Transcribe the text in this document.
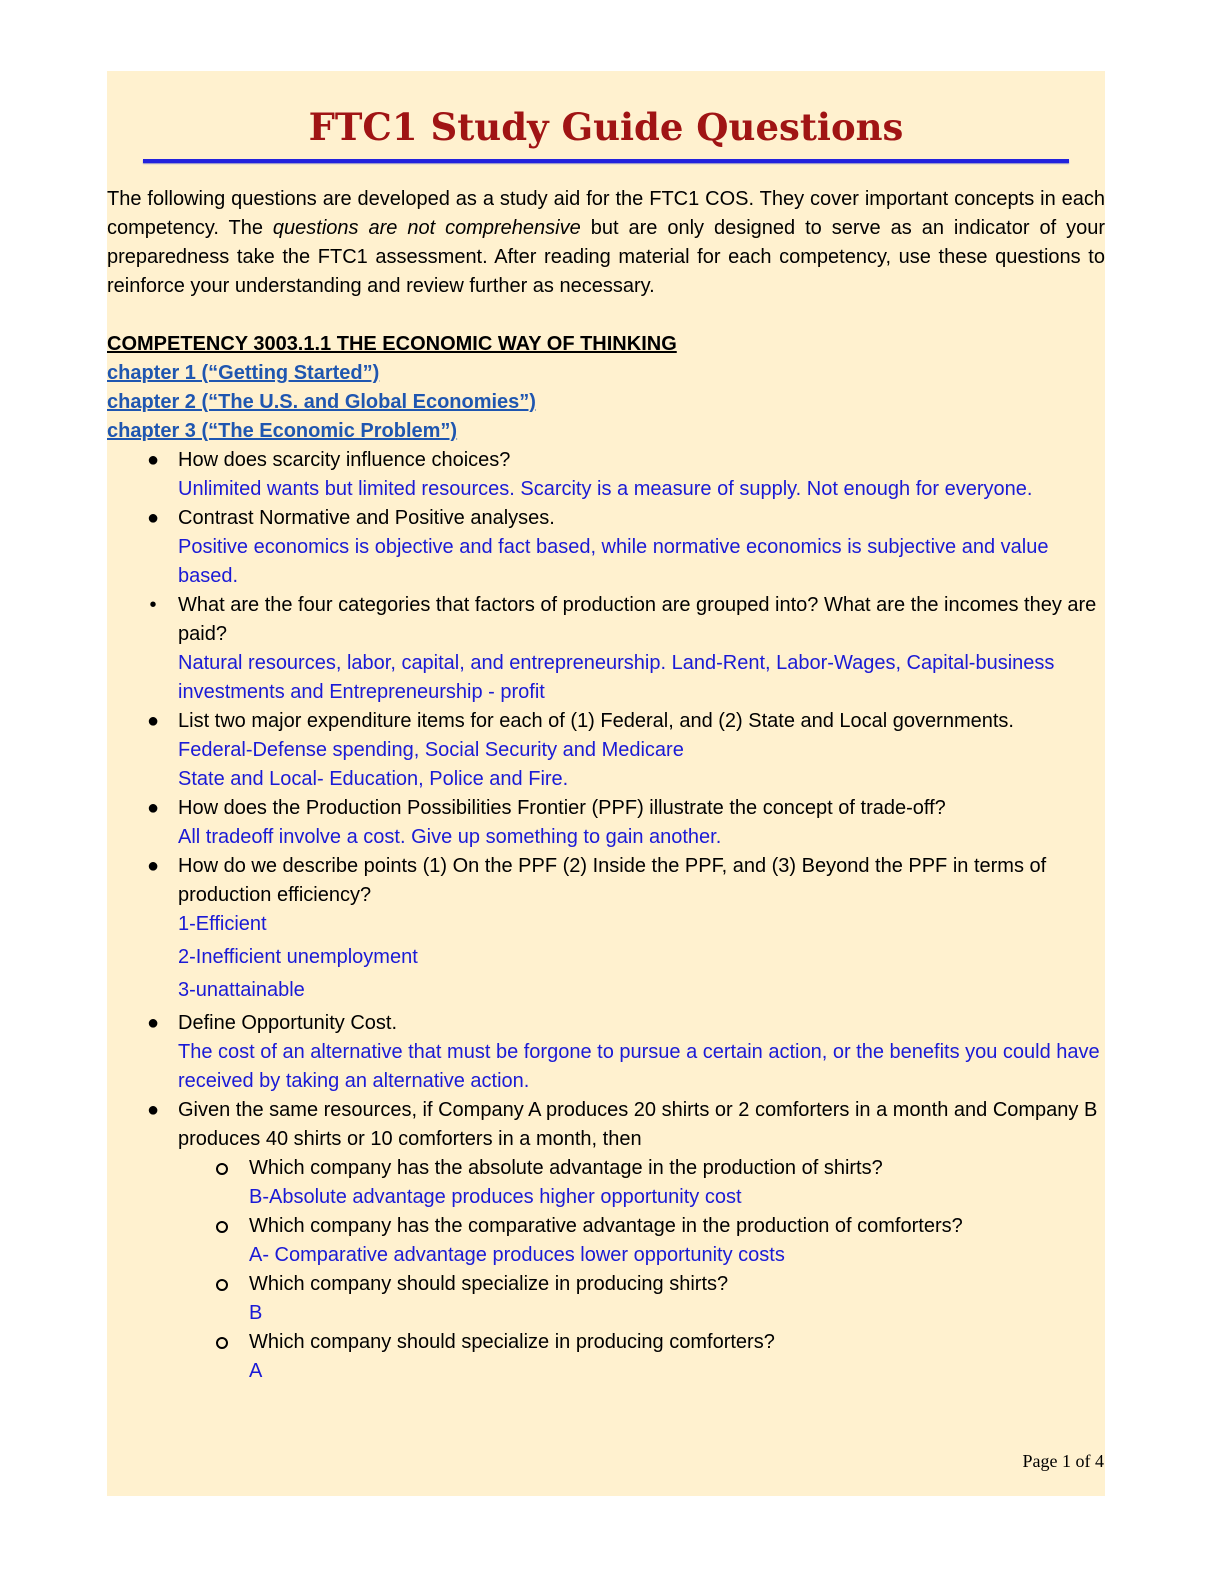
FTC1 Study Guide Questions
The following questions are developed as a study aid for the FTC1 COS. They cover important concepts in each competency. The questions are not comprehensive but are only designed to serve as an indicator of your preparedness take the FTC1 assessment. After reading material for each competency, use these questions to reinforce your understanding and review further as necessary.
COMPETENCY 3003.1.1 THE ECONOMIC WAY OF THINKING
chapter 1 (“Getting Started”)
chapter 2 (“The U.S. and Global Economies”)
chapter 3 (“The Economic Problem”)
● How does scarcity influence choices?
Unlimited wants but limited resources. Scarcity is a measure of supply. Not enough for everyone.
● Contrast Normative and Positive analyses.
Positive economics is objective and fact based, while normative economics is subjective and value based.
•	What are the four categories that factors of production are grouped into? What are the incomes they are paid?
Natural resources, labor, capital, and entrepreneurship. Land-Rent, Labor-Wages, Capital-business investments and Entrepreneurship - profit
● List two major expenditure items for each of (1) Federal, and (2) State and Local governments.
Federal-Defense spending, Social Security and Medicare
State and Local- Education, Police and Fire.
● How does the Production Possibilities Frontier (PPF) illustrate the concept of trade-off?
All tradeoff involve a cost. Give up something to gain another.
● How do we describe points (1) On the PPF (2) Inside the PPF, and (3) Beyond the PPF in terms of production efficiency?
1-Efficient
2-Inefficient unemployment
3-unattainable
● Define Opportunity Cost.
The cost of an alternative that must be forgone to pursue a certain action, or the benefits you could have received by taking an alternative action.
● Given the same resources, if Company A produces 20 shirts or 2 comforters in a month and Company B produces 40 shirts or 10 comforters in a month, then
Which company has the absolute advantage in the production of shirts?
B-Absolute advantage produces higher opportunity cost
Which company has the comparative advantage in the production of comforters?
A- Comparative advantage produces lower opportunity costs
Which company should specialize in producing shirts?
B
Which company should specialize in producing comforters?
A
Page 1 of 4
